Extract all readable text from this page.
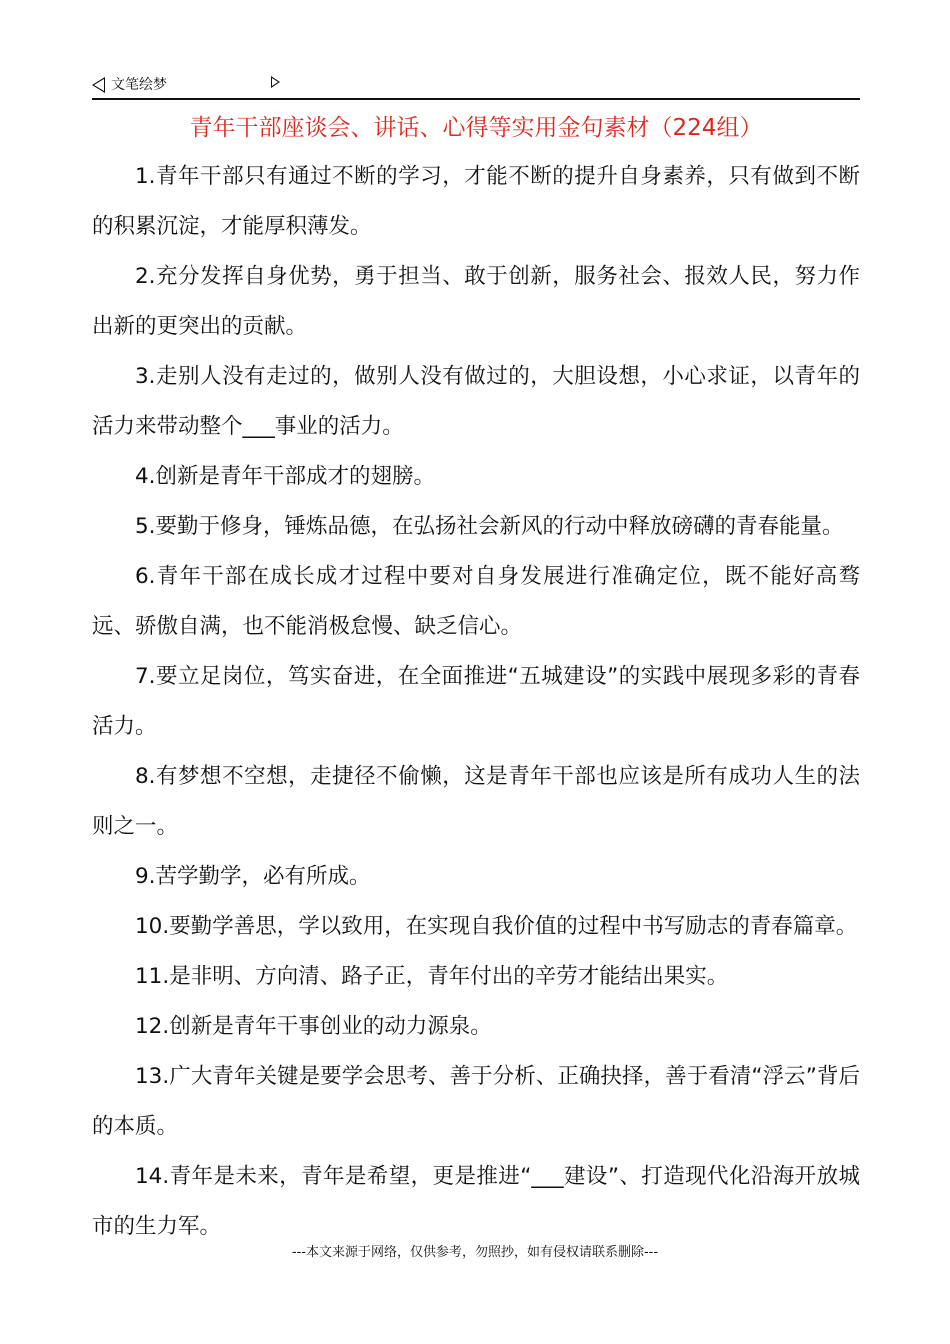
文笔绘梦
青年干部座谈会、讲话、心得等实用金句素材（224组）

1.青年干部只有通过不断的学习，才能不断的提升自身素养，只有做到不断的积累沉淀，才能厚积薄发。

2.充分发挥自身优势，勇于担当、敢于创新，服务社会、报效人民，努力作出新的更突出的贡献。

3.走别人没有走过的，做别人没有做过的，大胆设想，小心求证，以青年的活力来带动整个___事业的活力。

4.创新是青年干部成才的翅膀。

5.要勤于修身，锤炼品德，在弘扬社会新风的行动中释放磅礴的青春能量。

6.青年干部在成长成才过程中要对自身发展进行准确定位，既不能好高骛远、骄傲自满，也不能消极怠慢、缺乏信心。

7.要立足岗位，笃实奋进，在全面推进“五城建设”的实践中展现多彩的青春活力。

8.有梦想不空想，走捷径不偷懒，这是青年干部也应该是所有成功人生的法则之一。

9.苦学勤学，必有所成。

10.要勤学善思，学以致用，在实现自我价值的过程中书写励志的青春篇章。

11.是非明、方向清、路子正，青年付出的辛劳才能结出果实。

12.创新是青年干事创业的动力源泉。

13.广大青年关键是要学会思考、善于分析、正确抉择，善于看清“浮云”背后的本质。

14.青年是未来，青年是希望，更是推进“___建设”、打造现代化沿海开放城市的生力军。

---本文来源于网络，仅供参考，勿照抄，如有侵权请联系删除---
